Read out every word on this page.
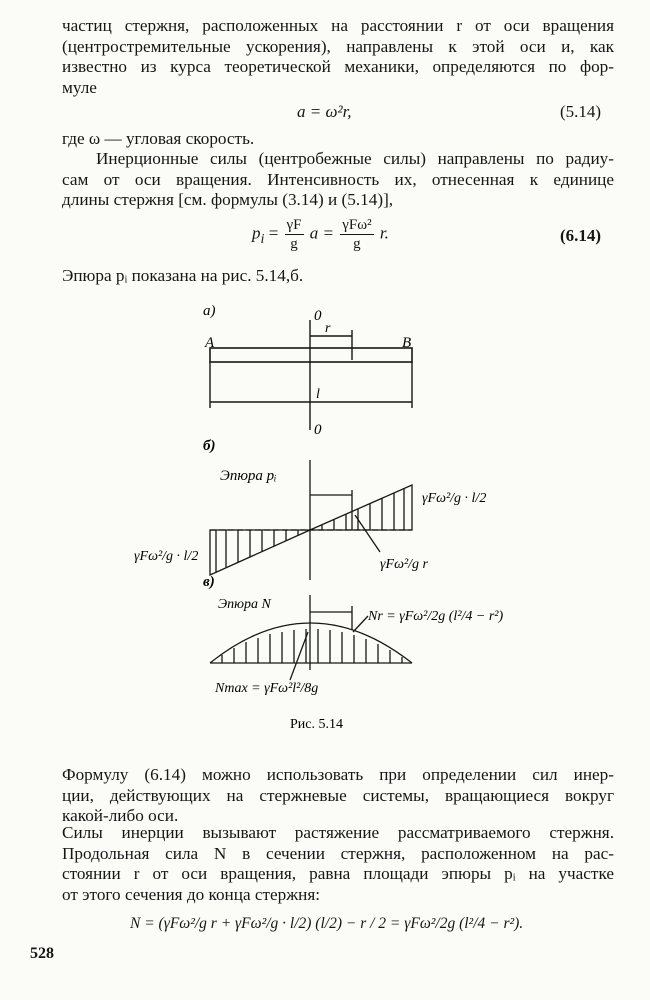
частиц стержня, расположенных на расстоянии r от оси вращения
(центростремительные ускорения), направлены к этой оси и, как
известно из курса теоретической механики, определяются по фор-
муле
a = ω²r,	(5.14)
где ω — угловая скорость.
Инерционные силы (центробежные силы) направлены по радиу-
сам от оси вращения. Интенсивность их, отнесенная к единице
длины стержня [см. формулы (3.14) и (5.14)],
$p_i = \frac{\gamma F}{g}$ $a = \frac{\text{γFω²}}{g} r$.	(6.14)
Эпюра pᵢ показана на рис. 5.14,б.
а)	0
0
A	B
r
l
б)
Эпюра pᵢ
γFω²/g · l/2
γFω²/g · l/2
γFω²/g r
в)
Эпюра N
Nr = γFω²/2g (l²/4 − r²)
Nmax = γFω²l²/8g
Рис. 5.14
Формулу (6.14) можно использовать при определении сил инер-
ции, действующих на стержневые системы, вращающиеся вокруг
какой-либо оси.
Силы инерции вызывают растяжение рассматриваемого стержня.
Продольная сила N в сечении стержня, расположенном на рас-
стоянии r от оси вращения, равна площади эпюры pᵢ на участке
от этого сечения до конца стержня:
N = (γFω²/g r + γFω²/g · l/2) (l/2) − r / 2 = γFω²/2g (l²/4 − r²).
528
